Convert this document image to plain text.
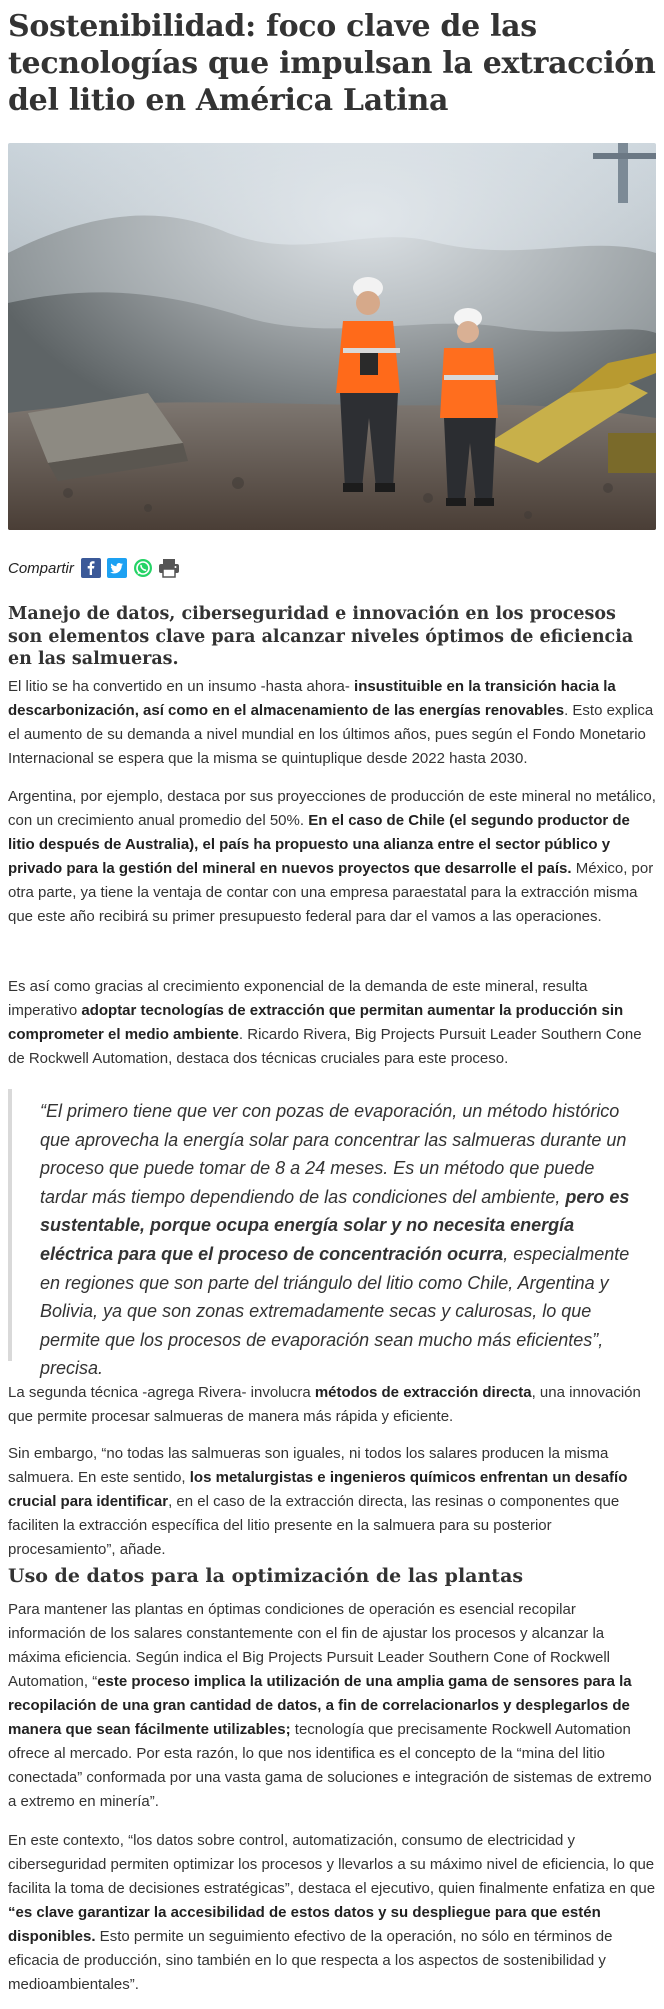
Sostenibilidad: foco clave de las tecnologías que impulsan la extracción del litio en América Latina
Compartir

Manejo de datos, ciberseguridad e innovación en los procesos son elementos clave para alcanzar niveles óptimos de eficiencia en las salmueras.

El litio se ha convertido en un insumo -hasta ahora- insustituible en la transición hacia la descarbonización, así como en el almacenamiento de las energías renovables. Esto explica el aumento de su demanda a nivel mundial en los últimos años, pues según el Fondo Monetario Internacional se espera que la misma se quintuplique desde 2022 hasta 2030.

Argentina, por ejemplo, destaca por sus proyecciones de producción de este mineral no metálico, con un crecimiento anual promedio del 50%. En el caso de Chile (el segundo productor de litio después de Australia), el país ha propuesto una alianza entre el sector público y privado para la gestión del mineral en nuevos proyectos que desarrolle el país. México, por otra parte, ya tiene la ventaja de contar con una empresa paraestatal para la extracción misma que este año recibirá su primer presupuesto federal para dar el vamos a las operaciones.

Es así como gracias al crecimiento exponencial de la demanda de este mineral, resulta imperativo adoptar tecnologías de extracción que permitan aumentar la producción sin comprometer el medio ambiente. Ricardo Rivera, Big Projects Pursuit Leader Southern Cone de Rockwell Automation, destaca dos técnicas cruciales para este proceso.

“El primero tiene que ver con pozas de evaporación, un método histórico que aprovecha la energía solar para concentrar las salmueras durante un proceso que puede tomar de 8 a 24 meses. Es un método que puede tardar más tiempo dependiendo de las condiciones del ambiente, pero es sustentable, porque ocupa energía solar y no necesita energía eléctrica para que el proceso de concentración ocurra, especialmente en regiones que son parte del triángulo del litio como Chile, Argentina y Bolivia, ya que son zonas extremadamente secas y calurosas, lo que permite que los procesos de evaporación sean mucho más eficientes”, precisa.

La segunda técnica -agrega Rivera- involucra métodos de extracción directa, una innovación que permite procesar salmueras de manera más rápida y eficiente.

Sin embargo, “no todas las salmueras son iguales, ni todos los salares producen la misma salmuera. En este sentido, los metalurgistas e ingenieros químicos enfrentan un desafío crucial para identificar, en el caso de la extracción directa, las resinas o componentes que faciliten la extracción específica del litio presente en la salmuera para su posterior procesamiento”, añade.

Uso de datos para la optimización de las plantas

Para mantener las plantas en óptimas condiciones de operación es esencial recopilar información de los salares constantemente con el fin de ajustar los procesos y alcanzar la máxima eficiencia. Según indica el Big Projects Pursuit Leader Southern Cone of Rockwell Automation, “este proceso implica la utilización de una amplia gama de sensores para la recopilación de una gran cantidad de datos, a fin de correlacionarlos y desplegarlos de manera que sean fácilmente utilizables; tecnología que precisamente Rockwell Automation ofrece al mercado. Por esta razón, lo que nos identifica es el concepto de la “mina del litio conectada” conformada por una vasta gama de soluciones e integración de sistemas de extremo a extremo en minería”.

En este contexto, “los datos sobre control, automatización, consumo de electricidad y ciberseguridad permiten optimizar los procesos y llevarlos a su máximo nivel de eficiencia, lo que facilita la toma de decisiones estratégicas”, destaca el ejecutivo, quien finalmente enfatiza en que “es clave garantizar la accesibilidad de estos datos y su despliegue para que estén disponibles. Esto permite un seguimiento efectivo de la operación, no sólo en términos de eficacia de producción, sino también en lo que respecta a los aspectos de sostenibilidad y medioambientales”.
